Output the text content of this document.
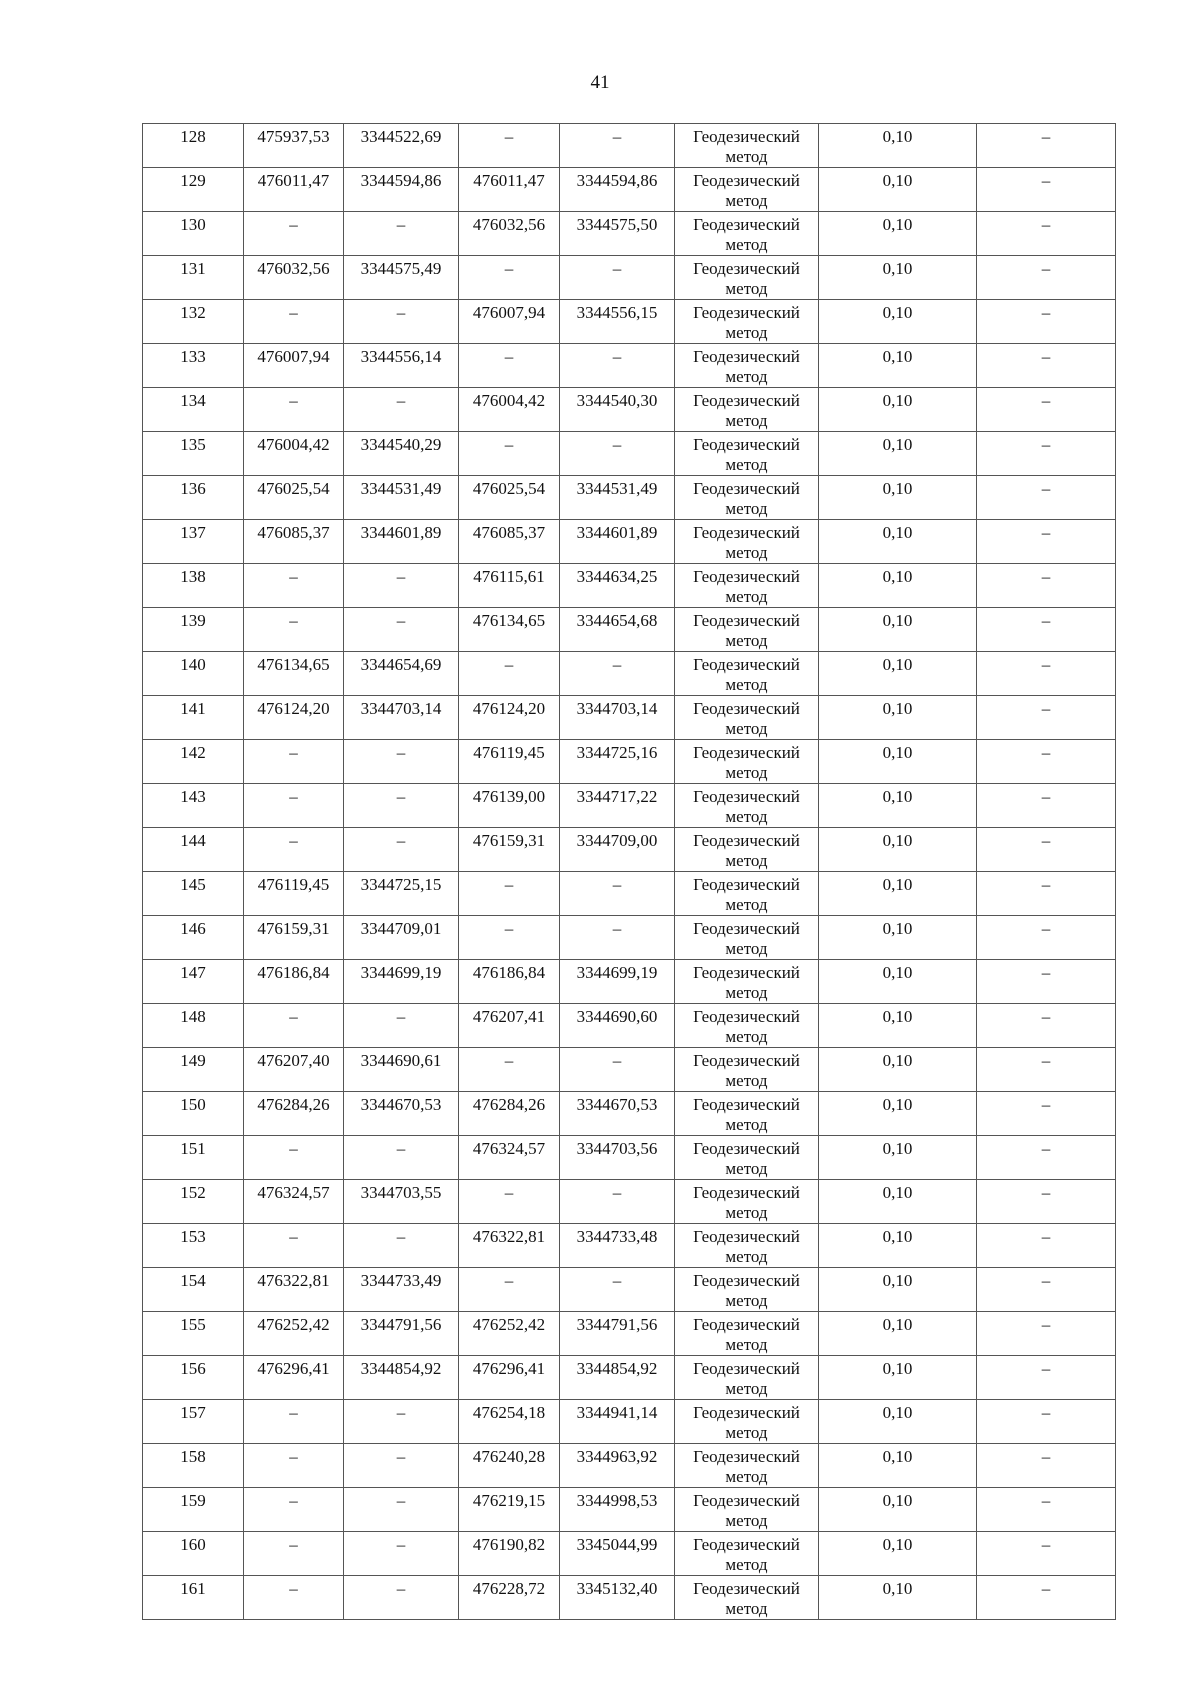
41
128	475937,53	3344522,69	–	–	Геодезический метод	0,10	–

129	476011,47	3344594,86	476011,47	3344594,86	Геодезический метод	0,10	–

130	–	–	476032,56	3344575,50	Геодезический метод	0,10	–

131	476032,56	3344575,49	–	–	Геодезический метод	0,10	–

132	–	–	476007,94	3344556,15	Геодезический метод	0,10	–

133	476007,94	3344556,14	–	–	Геодезический метод	0,10	–

134	–	–	476004,42	3344540,30	Геодезический метод	0,10	–

135	476004,42	3344540,29	–	–	Геодезический метод	0,10	–

136	476025,54	3344531,49	476025,54	3344531,49	Геодезический метод	0,10	–

137	476085,37	3344601,89	476085,37	3344601,89	Геодезический метод	0,10	–

138	–	–	476115,61	3344634,25	Геодезический метод	0,10	–

139	–	–	476134,65	3344654,68	Геодезический метод	0,10	–

140	476134,65	3344654,69	–	–	Геодезический метод	0,10	–

141	476124,20	3344703,14	476124,20	3344703,14	Геодезический метод	0,10	–

142	–	–	476119,45	3344725,16	Геодезический метод	0,10	–

143	–	–	476139,00	3344717,22	Геодезический метод	0,10	–

144	–	–	476159,31	3344709,00	Геодезический метод	0,10	–

145	476119,45	3344725,15	–	–	Геодезический метод	0,10	–

146	476159,31	3344709,01	–	–	Геодезический метод	0,10	–

147	476186,84	3344699,19	476186,84	3344699,19	Геодезический метод	0,10	–

148	–	–	476207,41	3344690,60	Геодезический метод	0,10	–

149	476207,40	3344690,61	–	–	Геодезический метод	0,10	–

150	476284,26	3344670,53	476284,26	3344670,53	Геодезический метод	0,10	–

151	–	–	476324,57	3344703,56	Геодезический метод	0,10	–

152	476324,57	3344703,55	–	–	Геодезический метод	0,10	–

153	–	–	476322,81	3344733,48	Геодезический метод	0,10	–

154	476322,81	3344733,49	–	–	Геодезический метод	0,10	–

155	476252,42	3344791,56	476252,42	3344791,56	Геодезический метод	0,10	–

156	476296,41	3344854,92	476296,41	3344854,92	Геодезический метод	0,10	–

157	–	–	476254,18	3344941,14	Геодезический метод	0,10	–

158	–	–	476240,28	3344963,92	Геодезический метод	0,10	–

159	–	–	476219,15	3344998,53	Геодезический метод	0,10	–

160	–	–	476190,82	3345044,99	Геодезический метод	0,10	–

161	–	–	476228,72	3345132,40	Геодезический метод	0,10	–
